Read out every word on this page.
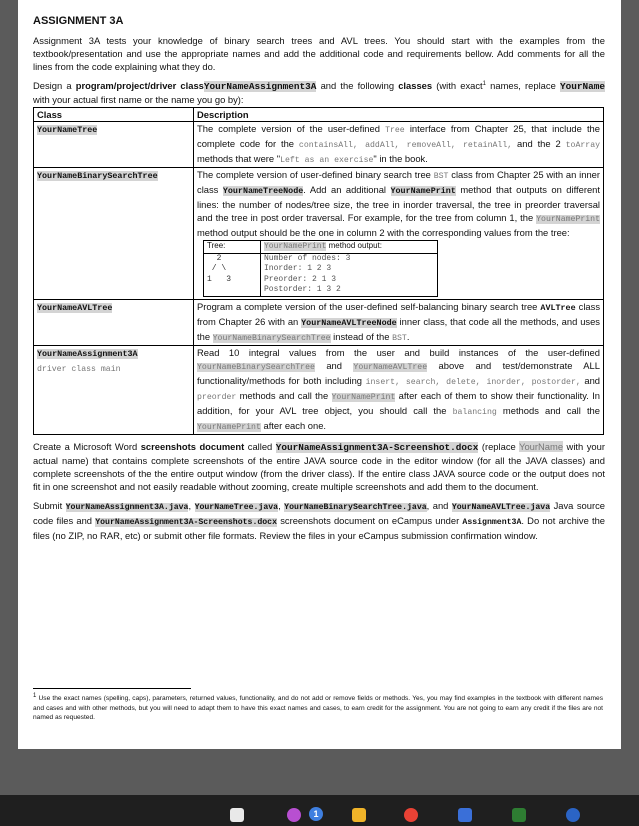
ASSIGNMENT 3A

Assignment 3A tests your knowledge of binary search trees and AVL trees. You should start with the examples from the textbook/presentation and use the appropriate names and add the additional code and requirements bellow. Add comments for all the lines from the code explaining what they do.

Design a program/project/driver classYourNameAssignment3A and the following classes (with exact$^1$ names, replace YourName with your actual first name or the name you go by):

Class	Description
YourNameTree	The complete version of the user-defined Tree interface from Chapter 25, that include the complete code for the containsAll, addAll, removeAll, retainAll, and the 2 toArray methods that were "Left as an exercise" in the book.
YourNameBinarySearchTree	The complete version of user-defined binary search tree BST class from Chapter 25 with an inner class YourNameTreeNode. Add an additional YourNamePrint method that outputs on different lines: the number of nodes/tree size, the tree in inorder traversal, the tree in preorder traversal and the tree in post order traversal. For example, for the tree from column 1, the YourNamePrint method output should be the one in column 2 with the corresponding values from the tree:
Tree:	YourNamePrint method output:
2
/ \
1   3	Number of nodes: 3
Inorder: 1 2 3
Preorder: 2 1 3
Postorder: 1 3 2

YourNameAVLTree	Program a complete version of the user-defined self-balancing binary search tree AVLTree class from Chapter 26 with an YourNameAVLTreeNode inner class, that code all the methods, and uses the YourNameBinarySearchTree instead of the BST.
YourNameAssignment3A
driver class main	Read 10 integral values from the user and build instances of the user-defined YourNameBinarySearchTree and YourNameAVLTree above and test/demonstrate ALL functionality/methods for both including insert, search, delete, inorder, postorder, and preorder methods and call the YourNamePrint after each of them to show their functionality. In addition, for your AVL tree object, you should call the balancing methods and call the YourNamePrint after each one.

Create a Microsoft Word screenshots document called YourNameAssignment3A-Screenshot.docx (replace YourName with your actual name) that contains complete screenshots of the entire JAVA source code in the editor window (for all the JAVA classes) and complete screenshots of the the entire output window (from the driver class). If the entire class JAVA source code or the output does not fit in one screenshot and not easily readable without zooming, create multiple screenshots and add them to the document.

Submit YourNameAssignment3A.java, YourNameTree.java, YourNameBinarySearchTree.java, and YourNameAVLTree.java Java source code files and YourNameAssignment3A-Screenshots.docx screenshots document on eCampus under Assignment3A. Do not archive the files (no ZIP, no RAR, etc) or submit other file formats. Review the files in your eCampus submission confirmation window.

$^1$ Use the exact names (spelling, caps), parameters, returned values, functionality, and do not add or remove fields or methods. Yes, you may find examples in the textbook with different names and cases and with other methods, but you will need to adapt them to have this exact names and cases, to earn credit for the assignment. You are not going to earn any credit if the files are not named as requested.

1
